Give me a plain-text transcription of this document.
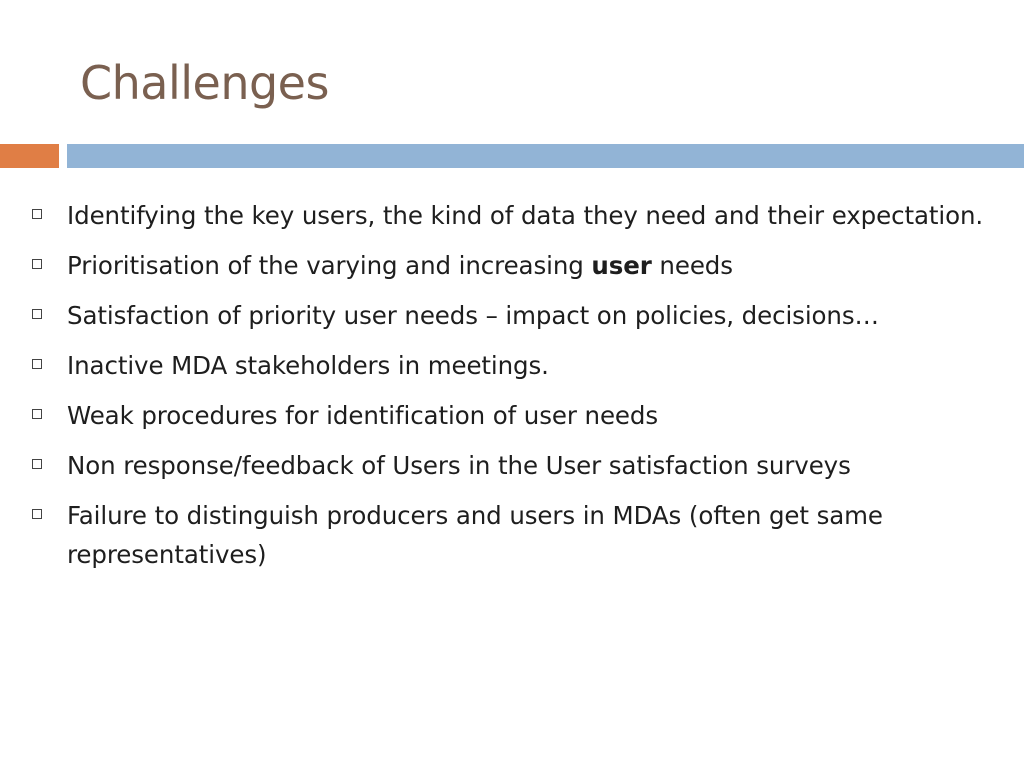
Challenges
Identifying the key users, the kind of data they need and their expectation.
Prioritisation of the varying and increasing user needs
Satisfaction of priority user needs – impact on policies, decisions…
Inactive MDA stakeholders in meetings.
Weak procedures for identification of user needs
Non response/feedback of Users in the User satisfaction surveys
Failure to distinguish producers and users in MDAs (often get same representatives)
